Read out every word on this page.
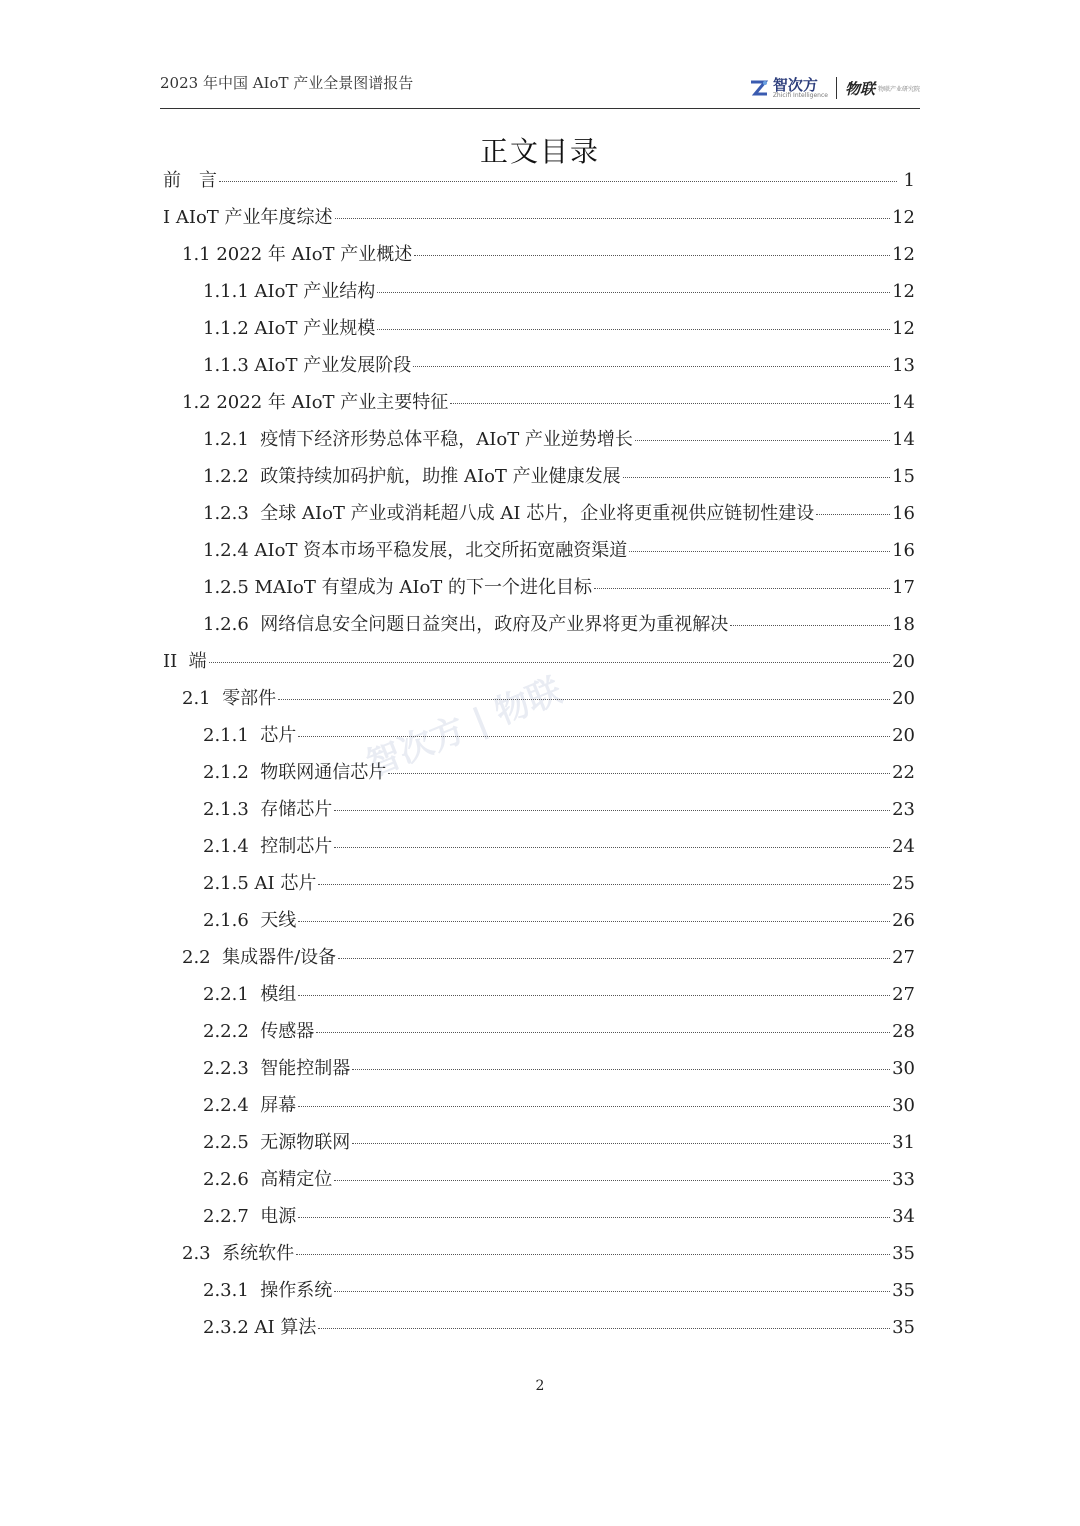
2023 年中国 AIoT 产业全景图谱报告	智次方
Zhiciﬁ Intelligence 物联 物联产业研究院
正文目录
智次方 | 物联
前　言	1
I AIoT 产业年度综述	12
1.1 2022 年 AIoT 产业概述	12
1.1.1 AIoT 产业结构	12
1.1.2 AIoT 产业规模	12
1.1.3 AIoT 产业发展阶段	13
1.2 2022 年 AIoT 产业主要特征	14
1.2.1  疫情下经济形势总体平稳，AIoT 产业逆势增长	14
1.2.2  政策持续加码护航，助推 AIoT 产业健康发展	15
1.2.3  全球 AIoT 产业或消耗超八成 AI 芯片，企业将更重视供应链韧性建设	16
1.2.4 AIoT 资本市场平稳发展，北交所拓宽融资渠道	16
1.2.5 MAIoT 有望成为 AIoT 的下一个进化目标	17
1.2.6  网络信息安全问题日益突出，政府及产业界将更为重视解决	18
II  端	20
2.1  零部件	20
2.1.1  芯片	20
2.1.2  物联网通信芯片	22
2.1.3  存储芯片	23
2.1.4  控制芯片	24
2.1.5 AI 芯片	25
2.1.6  天线	26
2.2  集成器件/设备	27
2.2.1  模组	27
2.2.2  传感器	28
2.2.3  智能控制器	30
2.2.4  屏幕	30
2.2.5  无源物联网	31
2.2.6  高精定位	33
2.2.7  电源	34
2.3  系统软件	35
2.3.1  操作系统	35
2.3.2 AI 算法	35
2
